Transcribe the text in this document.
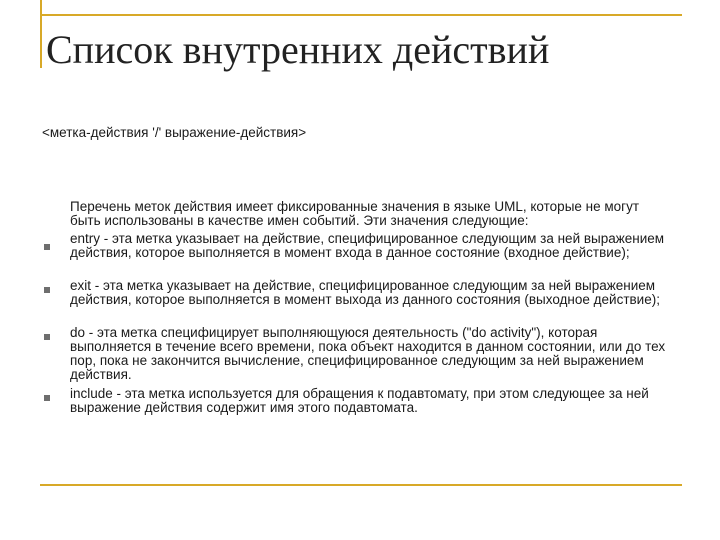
Список внутренних действий
<метка-действия '/' выражение-действия>
Перечень меток действия имеет фиксированные значения в языке UML, которые не могут быть использованы в качестве имен событий. Эти значения следующие:
entry - эта метка указывает на действие, специфицированное следующим за ней выражением действия, которое выполняется в момент входа в данное состояние (входное действие);
exit - эта метка указывает на действие, специфицированное следующим за ней выражением действия, которое выполняется в момент выхода из данного состояния (выходное действие);
do - эта метка специфицирует выполняющуюся деятельность ("do activity"), которая выполняется в течение всего времени, пока объект находится в данном состоянии, или до тех пор, пока не закончится вычисление, специфицированное следующим за ней выражением действия.
include - эта метка используется для обращения к подавтомату, при этом следующее за ней выражение действия содержит имя этого подавтомата.
